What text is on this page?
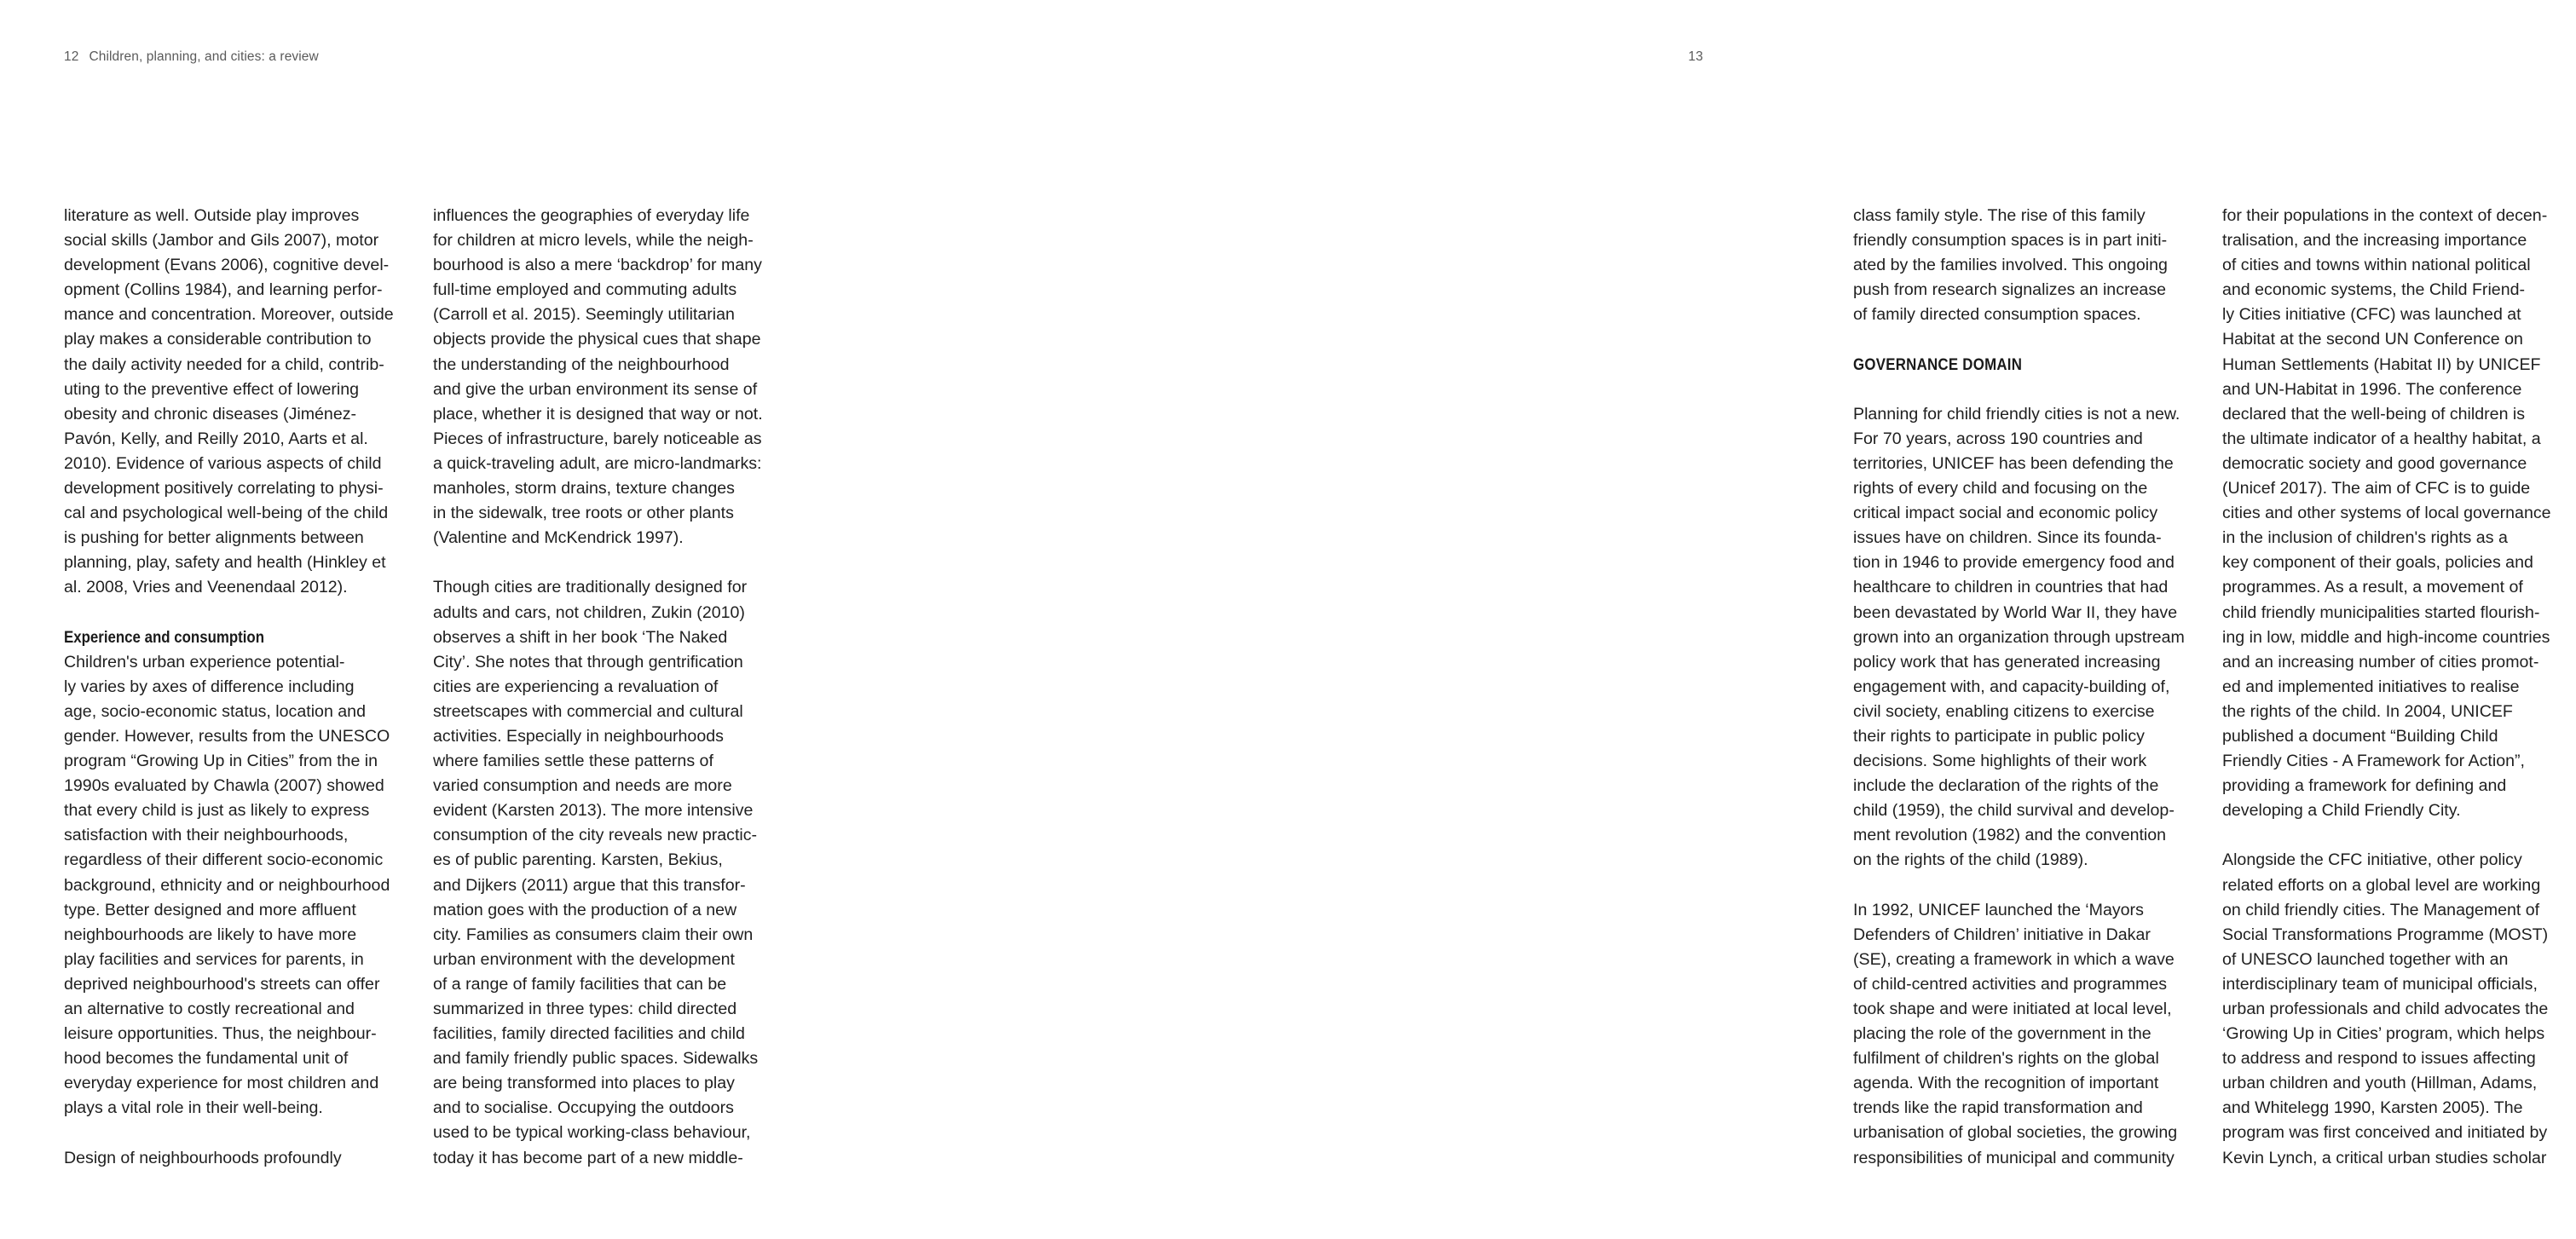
12 Children, planning, and cities: a review
literature as well. Outside play improves
social skills (Jambor and Gils 2007), motor
development (Evans 2006), cognitive devel-
opment (Collins 1984), and learning perfor-
mance and concentration. Moreover, outside
play makes a considerable contribution to
the daily activity needed for a child, contrib-
uting to the preventive effect of lowering
obesity and chronic diseases (Jiménez-
Pavón, Kelly, and Reilly 2010, Aarts et al.
2010). Evidence of various aspects of child
development positively correlating to physi-
cal and psychological well-being of the child
is pushing for better alignments between
planning, play, safety and health (Hinkley et
al. 2008, Vries and Veenendaal 2012).
Experience and consumption
Children's urban experience potential-
ly varies by axes of difference including
age, socio-economic status, location and
gender. However, results from the UNESCO
program “Growing Up in Cities” from the in
1990s evaluated by Chawla (2007) showed
that every child is just as likely to express
satisfaction with their neighbourhoods,
regardless of their different socio-economic
background, ethnicity and or neighbourhood
type. Better designed and more affluent
neighbourhoods are likely to have more
play facilities and services for parents, in
deprived neighbourhood's streets can offer
an alternative to costly recreational and
leisure opportunities. Thus, the neighbour-
hood becomes the fundamental unit of
everyday experience for most children and
plays a vital role in their well-being.
Design of neighbourhoods profoundly
influences the geographies of everyday life
for children at micro levels, while the neigh-
bourhood is also a mere ‘backdrop’ for many
full-time employed and commuting adults
(Carroll et al. 2015). Seemingly utilitarian
objects provide the physical cues that shape
the understanding of the neighbourhood
and give the urban environment its sense of
place, whether it is designed that way or not.
Pieces of infrastructure, barely noticeable as
a quick-traveling adult, are micro-landmarks:
manholes, storm drains, texture changes
in the sidewalk, tree roots or other plants
(Valentine and McKendrick 1997).
Though cities are traditionally designed for
adults and cars, not children, Zukin (2010)
observes a shift in her book ‘The Naked
City’. She notes that through gentrification
cities are experiencing a revaluation of
streetscapes with commercial and cultural
activities. Especially in neighbourhoods
where families settle these patterns of
varied consumption and needs are more
evident (Karsten 2013). The more intensive
consumption of the city reveals new practic-
es of public parenting. Karsten, Bekius,
and Dijkers (2011) argue that this transfor-
mation goes with the production of a new
city. Families as consumers claim their own
urban environment with the development
of a range of family facilities that can be
summarized in three types: child directed
facilities, family directed facilities and child
and family friendly public spaces. Sidewalks
are being transformed into places to play
and to socialise. Occupying the outdoors
used to be typical working-class behaviour,
today it has become part of a new middle-
13
class family style. The rise of this family
friendly consumption spaces is in part initi-
ated by the families involved. This ongoing
push from research signalizes an increase
of family directed consumption spaces.
GOVERNANCE DOMAIN
Planning for child friendly cities is not a new.
For 70 years, across 190 countries and
territories, UNICEF has been defending the
rights of every child and focusing on the
critical impact social and economic policy
issues have on children. Since its founda-
tion in 1946 to provide emergency food and
healthcare to children in countries that had
been devastated by World War II, they have
grown into an organization through upstream
policy work that has generated increasing
engagement with, and capacity-building of,
civil society, enabling citizens to exercise
their rights to participate in public policy
decisions. Some highlights of their work
include the declaration of the rights of the
child (1959), the child survival and develop-
ment revolution (1982) and the convention
on the rights of the child (1989).
In 1992, UNICEF launched the ‘Mayors
Defenders of Children’ initiative in Dakar
(SE), creating a framework in which a wave
of child-centred activities and programmes
took shape and were initiated at local level,
placing the role of the government in the
fulfilment of children's rights on the global
agenda. With the recognition of important
trends like the rapid transformation and
urbanisation of global societies, the growing
responsibilities of municipal and community
for their populations in the context of decen-
tralisation, and the increasing importance
of cities and towns within national political
and economic systems, the Child Friend-
ly Cities initiative (CFC) was launched at
Habitat at the second UN Conference on
Human Settlements (Habitat II) by UNICEF
and UN-Habitat in 1996. The conference
declared that the well-being of children is
the ultimate indicator of a healthy habitat, a
democratic society and good governance
(Unicef 2017). The aim of CFC is to guide
cities and other systems of local governance
in the inclusion of children's rights as a
key component of their goals, policies and
programmes. As a result, a movement of
child friendly municipalities started flourish-
ing in low, middle and high-income countries
and an increasing number of cities promot-
ed and implemented initiatives to realise
the rights of the child. In 2004, UNICEF
published a document “Building Child
Friendly Cities - A Framework for Action”,
providing a framework for defining and
developing a Child Friendly City.
Alongside the CFC initiative, other policy
related efforts on a global level are working
on child friendly cities. The Management of
Social Transformations Programme (MOST)
of UNESCO launched together with an
interdisciplinary team of municipal officials,
urban professionals and child advocates the
‘Growing Up in Cities’ program, which helps
to address and respond to issues affecting
urban children and youth (Hillman, Adams,
and Whitelegg 1990, Karsten 2005). The
program was first conceived and initiated by
Kevin Lynch, a critical urban studies scholar
